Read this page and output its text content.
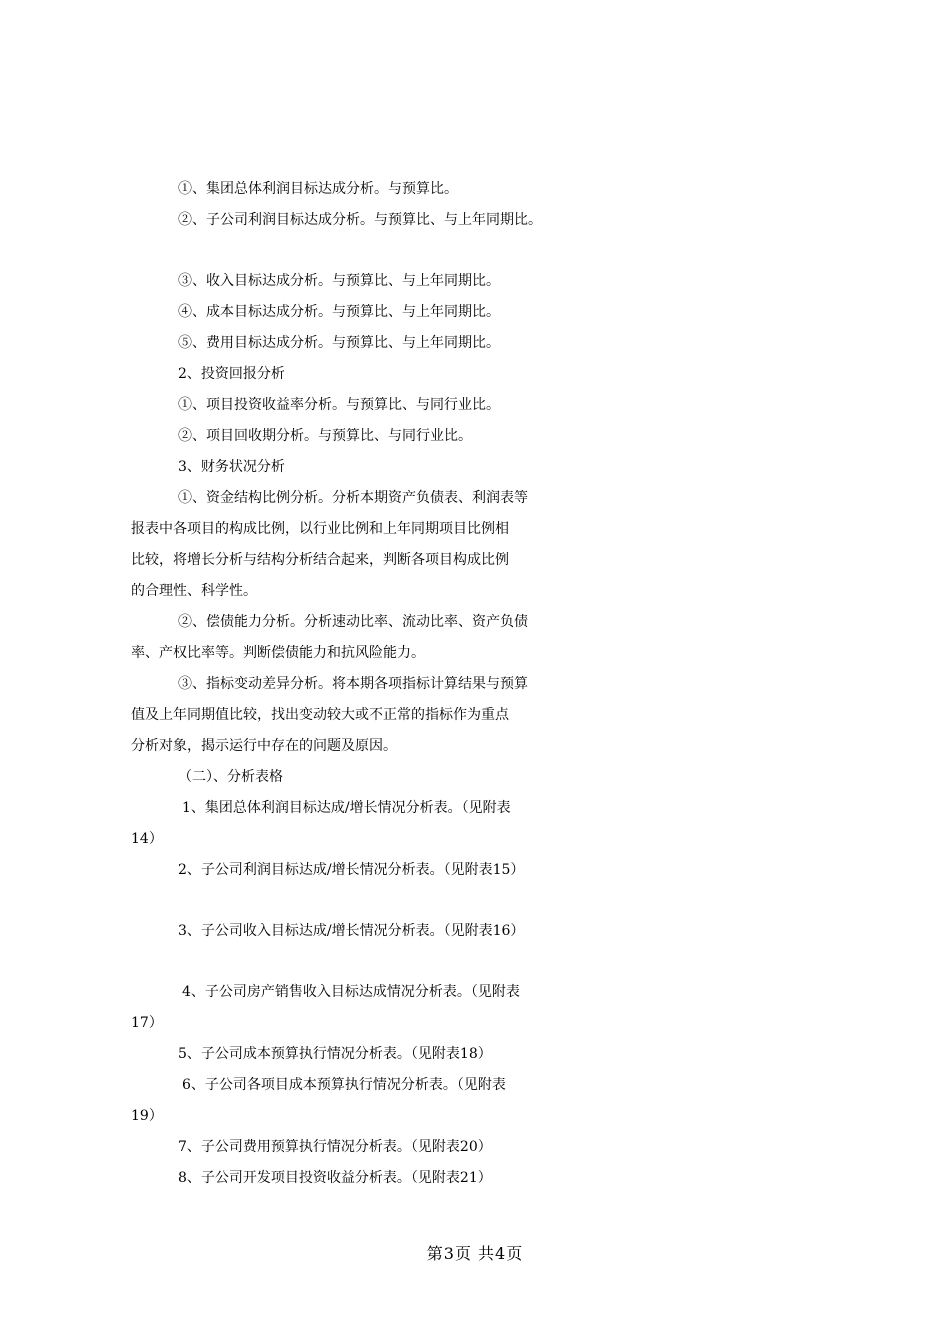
①、集团总体利润目标达成分析。与预算比。
②、子公司利润目标达成分析。与预算比、与上年同期比。
③、收入目标达成分析。与预算比、与上年同期比。
④、成本目标达成分析。与预算比、与上年同期比。
⑤、费用目标达成分析。与预算比、与上年同期比。
2、投资回报分析
①、项目投资收益率分析。与预算比、与同行业比。
②、项目回收期分析。与预算比、与同行业比。
3、财务状况分析
①、资金结构比例分析。分析本期资产负债表、利润表等
报表中各项目的构成比例，以行业比例和上年同期项目比例相
比较，将增长分析与结构分析结合起来，判断各项目构成比例
的合理性、科学性。
②、偿债能力分析。分析速动比率、流动比率、资产负债
率、产权比率等。判断偿债能力和抗风险能力。
③、指标变动差异分析。将本期各项指标计算结果与预算
值及上年同期值比较，找出变动较大或不正常的指标作为重点
分析对象，揭示运行中存在的问题及原因。
（二）、分析表格
1、集团总体利润目标达成/增长情况分析表。（见附表
14）
2、子公司利润目标达成/增长情况分析表。（见附表15）
3、子公司收入目标达成/增长情况分析表。（见附表16）
4、子公司房产销售收入目标达成情况分析表。（见附表
17）
5、子公司成本预算执行情况分析表。（见附表18）
6、子公司各项目成本预算执行情况分析表。（见附表
19）
7、子公司费用预算执行情况分析表。（见附表20）
8、子公司开发项目投资收益分析表。（见附表21）
第3页 共4页
